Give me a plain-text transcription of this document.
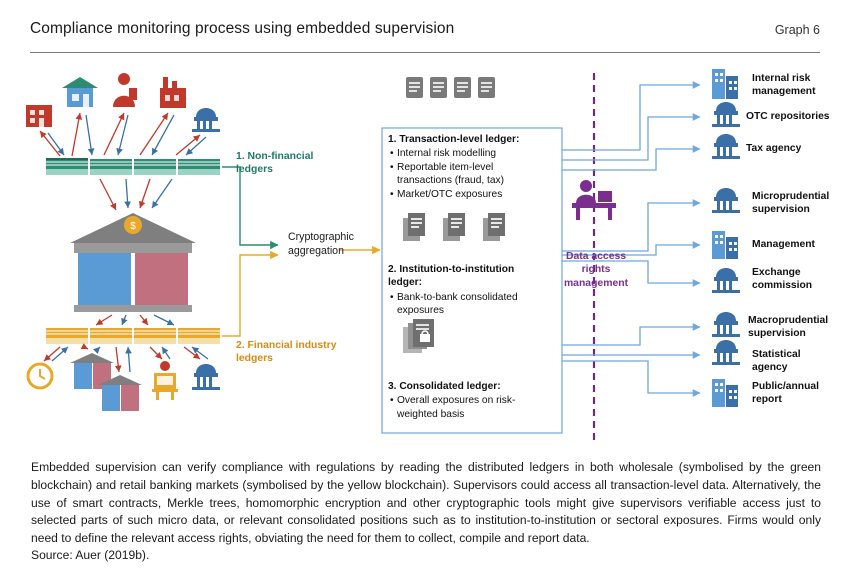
Compliance monitoring process using embedded supervision	Graph 6
$
1. Non-financial
ledgers
2. Financial industry
ledgers
Cryptographic
aggregation	Data access
rights
management
1. Transaction-level ledger:
• Internal risk modelling
• Reportable item-level transactions (fraud, tax)
• Market/OTC exposures
2. Institution-to-institution ledger:
• Bank-to-bank consolidated exposures
3. Consolidated ledger:
• Overall exposures on risk-weighted basis
Internal risk management
OTC repositories
Tax agency
Microprudential supervision
Management
Exchange commission
Macroprudential supervision
Statistical agency
Public/annual report
Embedded supervision can verify compliance with regulations by reading the distributed ledgers in both wholesale (symbolised by the green blockchain) and retail banking markets (symbolised by the yellow blockchain). Supervisors could access all transaction-level data. Alternatively, the use of smart contracts, Merkle trees, homomorphic encryption and other cryptographic tools might give supervisors verifiable access just to selected parts of such micro data, or relevant consolidated positions such as to institution-to-institution or sectoral exposures. Firms would only need to define the relevant access rights, obviating the need for them to collect, compile and report data.
Source: Auer (2019b).
